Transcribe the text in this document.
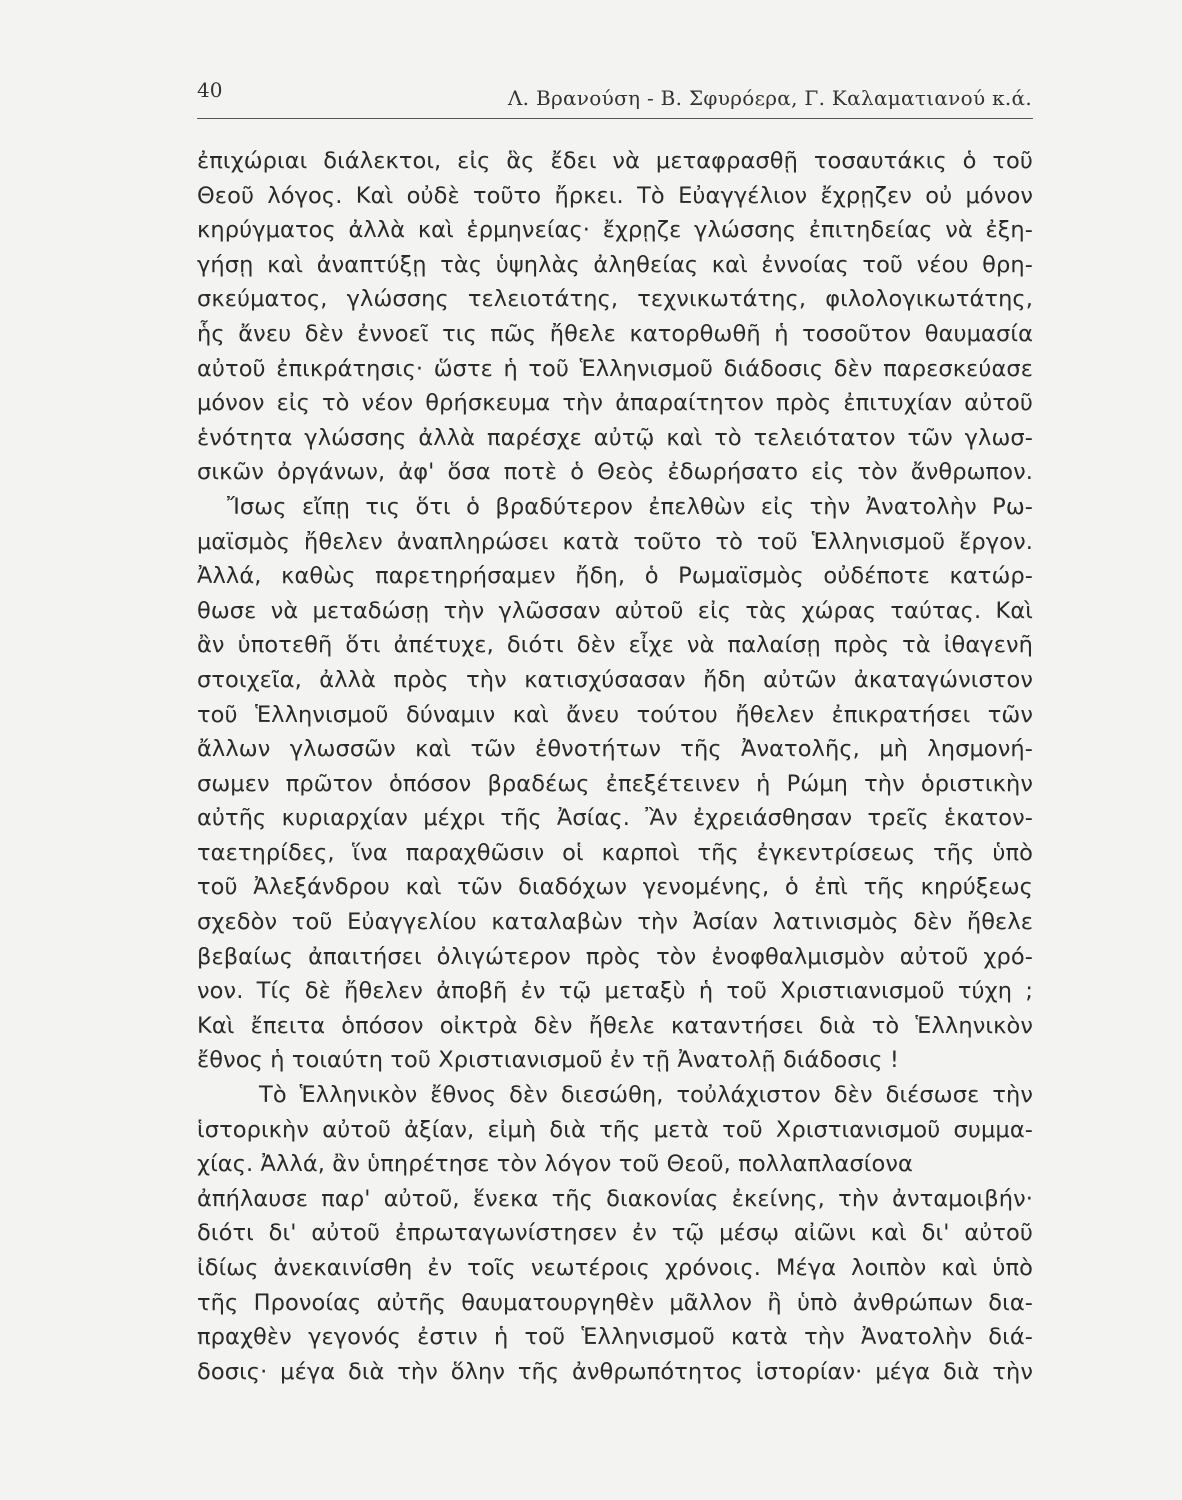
40	Λ. Βρανούση - Β. Σφυρόερα, Γ. Καλαματιανού κ.ά.
ἐπιχώριαι διάλεκτοι, εἰς ἃς ἔδει νὰ μεταφρασθῇ τοσαυτάκις ὁ τοῦ
Θεοῦ λόγος. Καὶ οὐδὲ τοῦτο ἤρκει. Τὸ Εὐαγγέλιον ἔχρῃζεν οὐ μόνον
κηρύγματος ἀλλὰ καὶ ἑρμηνείας· ἔχρῃζε γλώσσης ἐπιτηδείας νὰ ἐξη-
γήσῃ καὶ ἀναπτύξῃ τὰς ὑψηλὰς ἀληθείας καὶ ἐννοίας τοῦ νέου θρη-
σκεύματος, γλώσσης τελειοτάτης, τεχνικωτάτης, φιλολογικωτάτης,
ἧς ἄνευ δὲν ἐννοεῖ τις πῶς ἤθελε κατορθωθῆ ἡ τοσοῦτον θαυμασία
αὐτοῦ ἐπικράτησις· ὥστε ἡ τοῦ Ἑλληνισμοῦ διάδοσις δὲν παρεσκεύασε
μόνον εἰς τὸ νέον θρήσκευμα τὴν ἀπαραίτητον πρὸς ἐπιτυχίαν αὐτοῦ
ἑνότητα γλώσσης ἀλλὰ παρέσχε αὐτῷ καὶ τὸ τελειότατον τῶν γλωσ-
σικῶν ὀργάνων, ἀφ' ὅσα ποτὲ ὁ Θεὸς ἐδωρήσατο εἰς τὸν ἄνθρωπον.
Ἴσως εἴπῃ τις ὅτι ὁ βραδύτερον ἐπελθὼν εἰς τὴν Ἀνατολὴν Ρω-
μαϊσμὸς ἤθελεν ἀναπληρώσει κατὰ τοῦτο τὸ τοῦ Ἑλληνισμοῦ ἔργον.
Ἀλλά, καθὼς παρετηρήσαμεν ἤδη, ὁ Ρωμαϊσμὸς οὐδέποτε κατώρ-
θωσε νὰ μεταδώσῃ τὴν γλῶσσαν αὐτοῦ εἰς τὰς χώρας ταύτας. Καὶ
ἂν ὑποτεθῆ ὅτι ἀπέτυχε, διότι δὲν εἶχε νὰ παλαίσῃ πρὸς τὰ ἰθαγενῆ
στοιχεῖα, ἀλλὰ πρὸς τὴν κατισχύσασαν ἤδη αὐτῶν ἀκαταγώνιστον
τοῦ Ἑλληνισμοῦ δύναμιν καὶ ἄνευ τούτου ἤθελεν ἐπικρατήσει τῶν
ἄλλων γλωσσῶν καὶ τῶν ἐθνοτήτων τῆς Ἀνατολῆς, μὴ λησμονή-
σωμεν πρῶτον ὁπόσον βραδέως ἐπεξέτεινεν ἡ Ρώμη τὴν ὁριστικὴν
αὐτῆς κυριαρχίαν μέχρι τῆς Ἀσίας. Ἂν ἐχρειάσθησαν τρεῖς ἑκατον-
ταετηρίδες, ἵνα παραχθῶσιν οἱ καρποὶ τῆς ἐγκεντρίσεως τῆς ὑπὸ
τοῦ Ἀλεξάνδρου καὶ τῶν διαδόχων γενομένης, ὁ ἐπὶ τῆς κηρύξεως
σχεδὸν τοῦ Εὐαγγελίου καταλαβὼν τὴν Ἀσίαν λατινισμὸς δὲν ἤθελε
βεβαίως ἀπαιτήσει ὀλιγώτερον πρὸς τὸν ἐνοφθαλμισμὸν αὐτοῦ χρό-
νον. Τίς δὲ ἤθελεν ἀποβῆ ἐν τῷ μεταξὺ ἡ τοῦ Χριστιανισμοῦ τύχη ;
Καὶ ἔπειτα ὁπόσον οἰκτρὰ δὲν ἤθελε καταντήσει διὰ τὸ Ἑλληνικὸν
ἔθνος ἡ τοιαύτη τοῦ Χριστιανισμοῦ ἐν τῇ Ἀνατολῇ διάδοσις !
Τὸ Ἑλληνικὸν ἔθνος δὲν διεσώθη, τοὐλάχιστον δὲν διέσωσε τὴν
ἱστορικὴν αὐτοῦ ἀξίαν, εἰμὴ διὰ τῆς μετὰ τοῦ Χριστιανισμοῦ συμμα-
χίας. Ἀλλά, ἂν ὑπηρέτησε τὸν λόγον τοῦ Θεοῦ, πολλαπλασίονα
ἀπήλαυσε παρ' αὐτοῦ, ἕνεκα τῆς διακονίας ἐκείνης, τὴν ἀνταμοιβήν·
διότι δι' αὐτοῦ ἐπρωταγωνίστησεν ἐν τῷ μέσῳ αἰῶνι καὶ δι' αὐτοῦ
ἰδίως ἀνεκαινίσθη ἐν τοῖς νεωτέροις χρόνοις. Μέγα λοιπὸν καὶ ὑπὸ
τῆς Προνοίας αὐτῆς θαυματουργηθὲν μᾶλλον ἢ ὑπὸ ἀνθρώπων δια-
πραχθὲν γεγονός ἐστιν ἡ τοῦ Ἑλληνισμοῦ κατὰ τὴν Ἀνατολὴν διά-
δοσις· μέγα διὰ τὴν ὅλην τῆς ἀνθρωπότητος ἱστορίαν· μέγα διὰ τὴν
